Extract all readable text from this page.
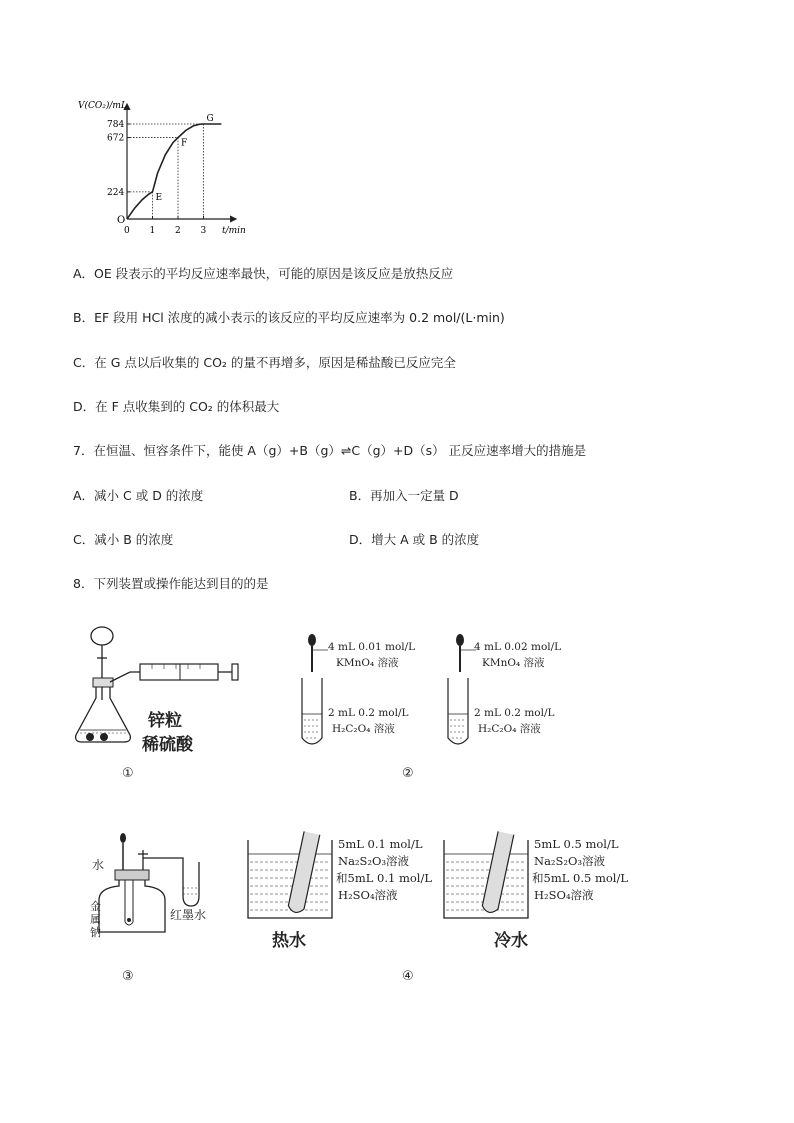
V(CO₂)/mL
t/min
O
0 1 2 3
224
672
784
E
F
G
A．OE 段表示的平均反应速率最快，可能的原因是该反应是放热反应
B．EF 段用 HCl 浓度的减小表示的该反应的平均反应速率为 0.2 mol/(L·min)
C．在 G 点以后收集的 CO₂ 的量不再增多，原因是稀盐酸已反应完全
D．在 F 点收集到的 CO₂ 的体积最大
7．在恒温、恒容条件下，能使 A（g）+B（g）⇌C（g）+D（s） 正反应速率增大的措施是
A．减小 C 或 D 的浓度	B．再加入一定量 D
C．减小 B 的浓度	D．增大 A 或 B 的浓度
8．下列装置或操作能达到目的的是
锌粒
稀硫酸
①
4 mL 0.01 mol/L
KMnO₄ 溶液
2 mL 0.2 mol/L
H₂C₂O₄ 溶液
4 mL 0.02 mol/L
KMnO₄ 溶液
2 mL 0.2 mol/L
H₂C₂O₄ 溶液
②
水
金
属
钠
红墨水
③
5mL 0.1 mol/L
Na₂S₂O₃溶液
和5mL 0.1 mol/L
H₂SO₄溶液
热水
5mL 0.5 mol/L
Na₂S₂O₃溶液
和5mL 0.5 mol/L
H₂SO₄溶液
冷水
④
